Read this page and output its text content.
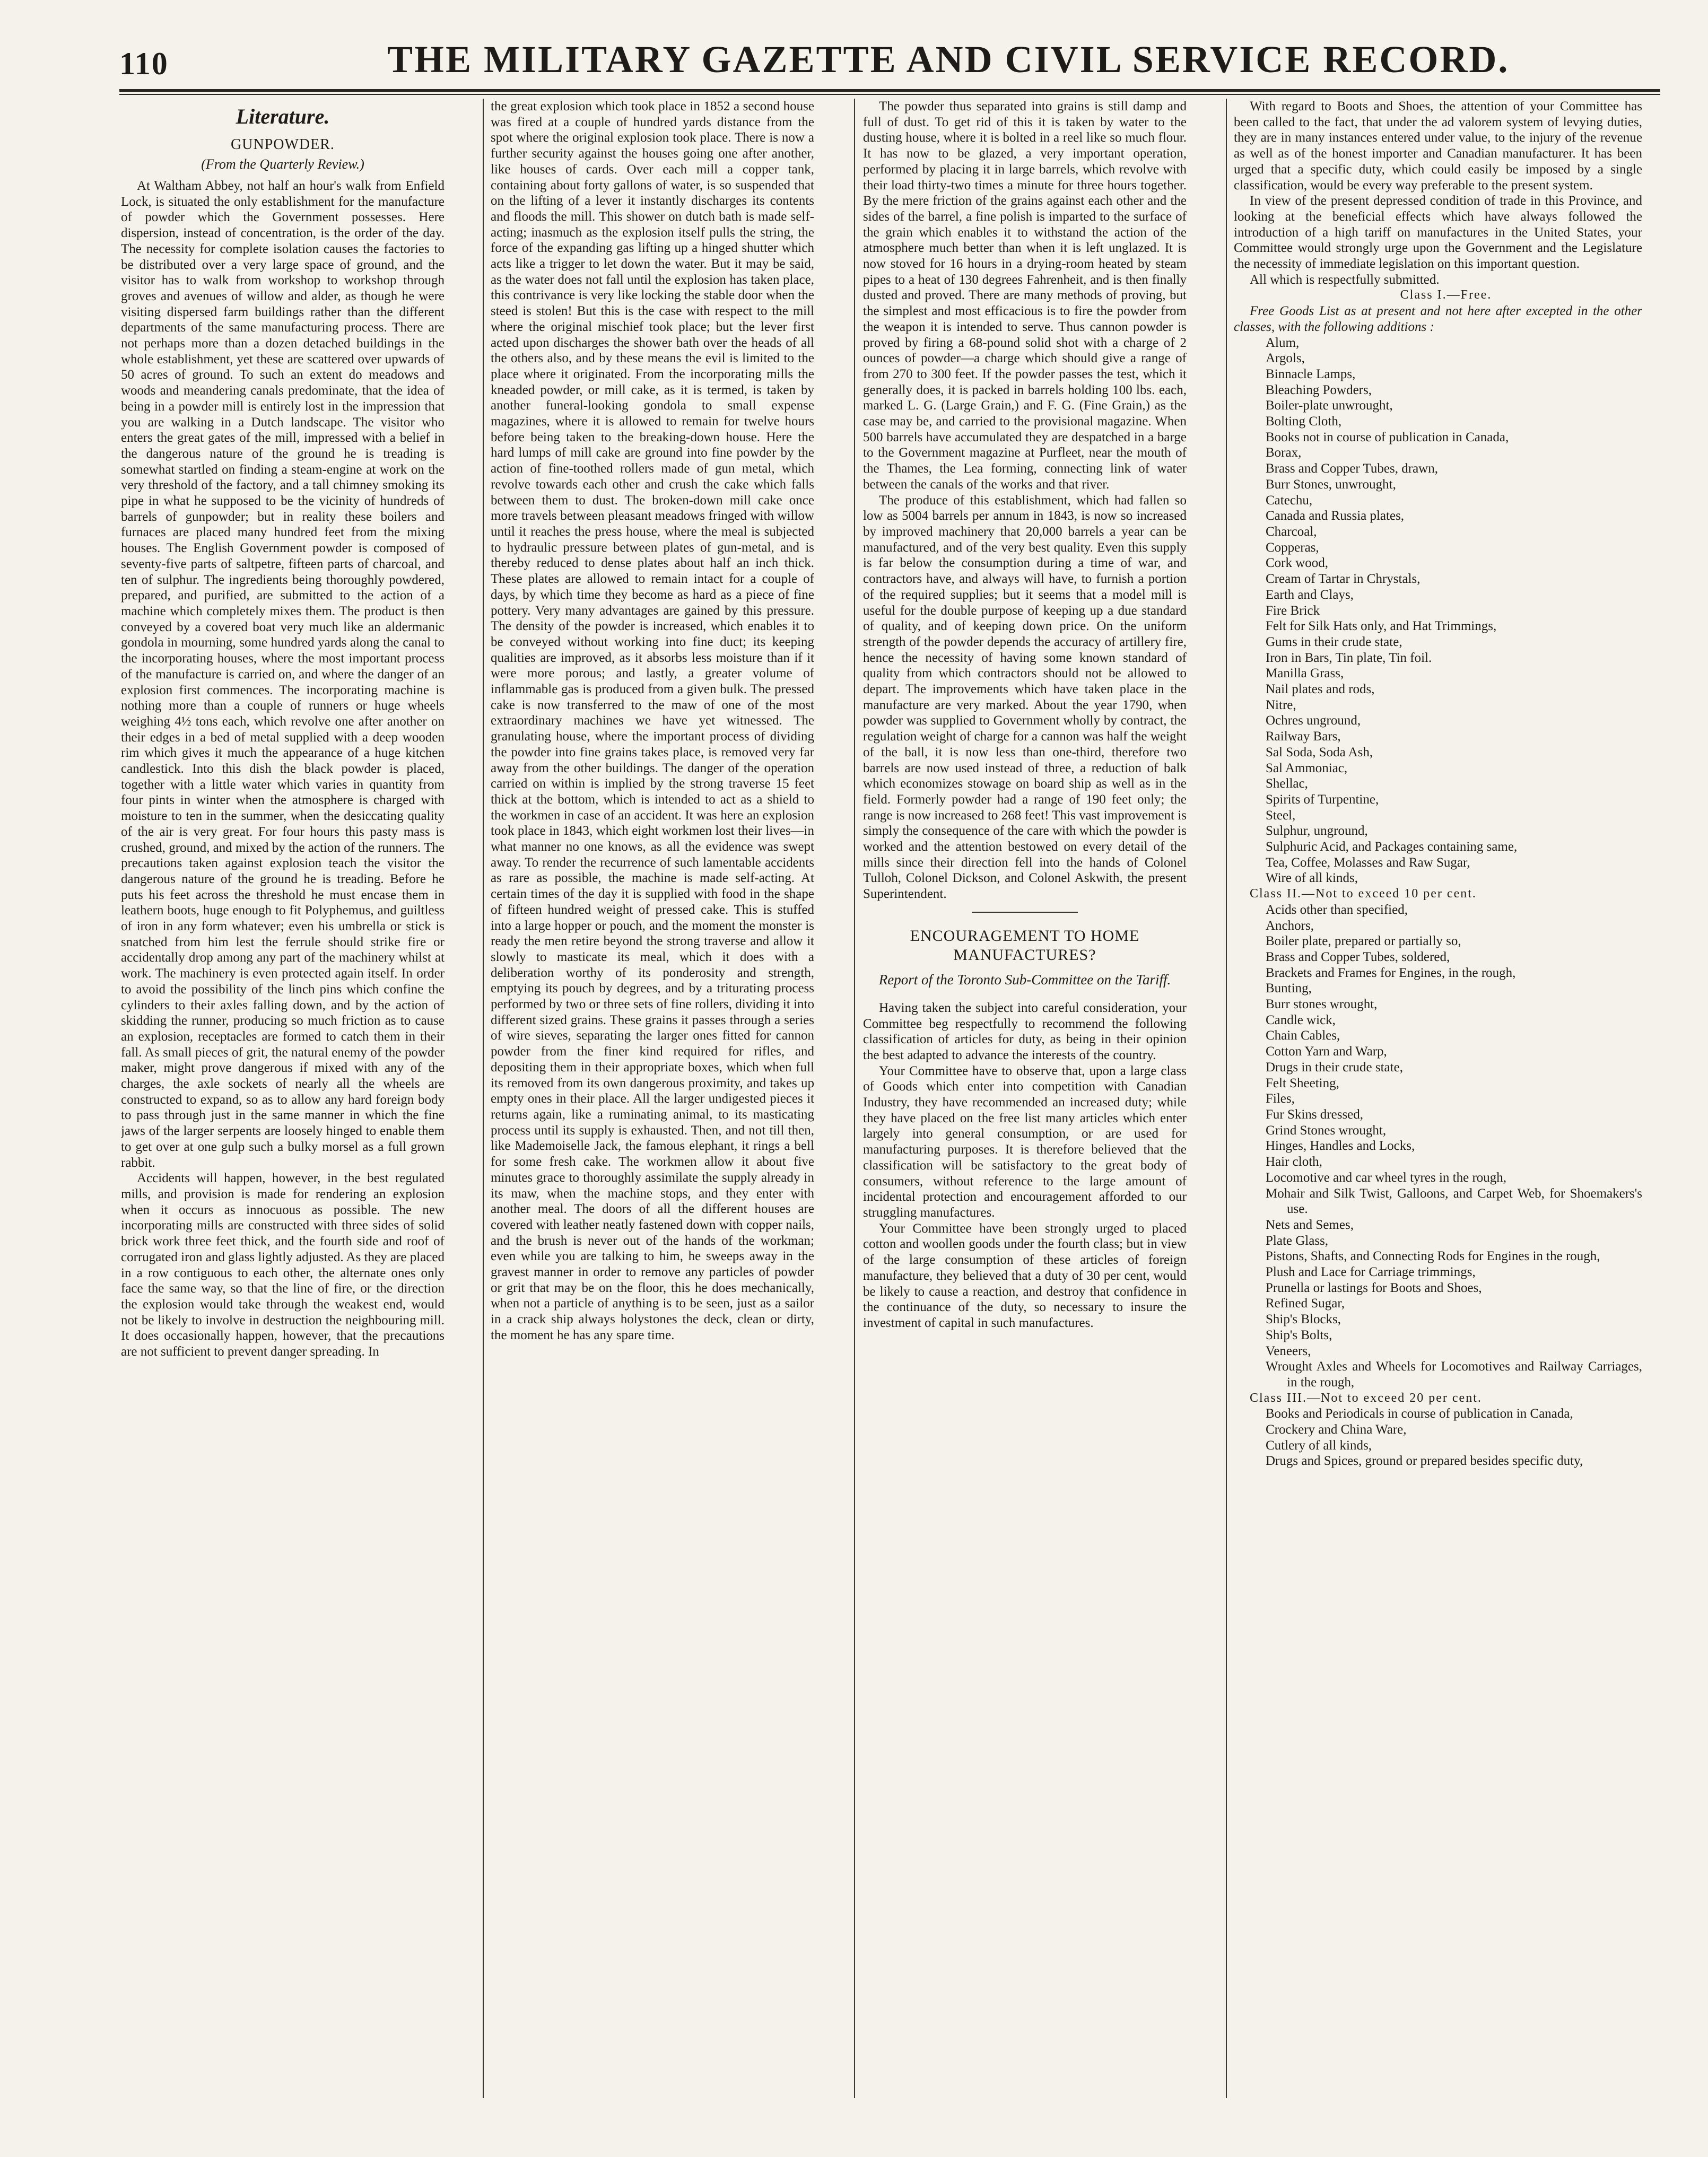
110	THE MILITARY GAZETTE AND CIVIL SERVICE RECORD.
Literature.
GUNPOWDER.
(From the Quarterly Review.)

At Waltham Abbey, not half an hour's walk from Enfield Lock, is situated the only establishment for the manufacture of powder which the Government possesses. Here dispersion, instead of concentration, is the order of the day. The necessity for complete isolation causes the factories to be distributed over a very large space of ground, and the visitor has to walk from workshop to workshop through groves and avenues of willow and alder, as though he were visiting dispersed farm buildings rather than the different departments of the same manufacturing process. There are not perhaps more than a dozen detached buildings in the whole establishment, yet these are scattered over upwards of 50 acres of ground. To such an extent do meadows and woods and meandering canals predominate, that the idea of being in a powder mill is entirely lost in the impression that you are walking in a Dutch landscape. The visitor who enters the great gates of the mill, impressed with a belief in the dangerous nature of the ground he is treading is somewhat startled on finding a steam-engine at work on the very threshold of the factory, and a tall chimney smoking its pipe in what he supposed to be the vicinity of hundreds of barrels of gunpowder; but in reality these boilers and furnaces are placed many hundred feet from the mixing houses. The English Government powder is composed of seventy-five parts of saltpetre, fifteen parts of charcoal, and ten of sulphur. The ingredients being thoroughly powdered, prepared, and purified, are submitted to the action of a machine which completely mixes them. The product is then conveyed by a covered boat very much like an aldermanic gondola in mourning, some hundred yards along the canal to the incorporating houses, where the most important process of the manufacture is carried on, and where the danger of an explosion first commences. The incorporating machine is nothing more than a couple of runners or huge wheels weighing 4½ tons each, which revolve one after another on their edges in a bed of metal supplied with a deep wooden rim which gives it much the appearance of a huge kitchen candlestick. Into this dish the black powder is placed, together with a little water which varies in quantity from four pints in winter when the atmosphere is charged with moisture to ten in the summer, when the desiccating quality of the air is very great. For four hours this pasty mass is crushed, ground, and mixed by the action of the runners. The precautions taken against explosion teach the visitor the dangerous nature of the ground he is treading. Before he puts his feet across the threshold he must encase them in leathern boots, huge enough to fit Polyphemus, and guiltless of iron in any form whatever; even his umbrella or stick is snatched from him lest the ferrule should strike fire or accidentally drop among any part of the machinery whilst at work. The machinery is even protected again itself. In order to avoid the possibility of the linch pins which confine the cylinders to their axles falling down, and by the action of skidding the runner, producing so much friction as to cause an explosion, receptacles are formed to catch them in their fall. As small pieces of grit, the natural enemy of the powder maker, might prove dangerous if mixed with any of the charges, the axle sockets of nearly all the wheels are constructed to expand, so as to allow any hard foreign body to pass through just in the same manner in which the fine jaws of the larger serpents are loosely hinged to enable them to get over at one gulp such a bulky morsel as a full grown rabbit.

Accidents will happen, however, in the best regulated mills, and provision is made for rendering an explosion when it occurs as innocuous as possible. The new incorporating mills are constructed with three sides of solid brick work three feet thick, and the fourth side and roof of corrugated iron and glass lightly adjusted. As they are placed in a row contiguous to each other, the alternate ones only face the same way, so that the line of fire, or the direction the explosion would take through the weakest end, would not be likely to involve in destruction the neighbouring mill. It does occasionally happen, however, that the precautions are not sufficient to prevent danger spreading. In

the great explosion which took place in 1852 a second house was fired at a couple of hundred yards distance from the spot where the original explosion took place. There is now a further security against the houses going one after another, like houses of cards. Over each mill a copper tank, containing about forty gallons of water, is so suspended that on the lifting of a lever it instantly discharges its contents and floods the mill. This shower on dutch bath is made self-acting; inasmuch as the explosion itself pulls the string, the force of the expanding gas lifting up a hinged shutter which acts like a trigger to let down the water. But it may be said, as the water does not fall until the explosion has taken place, this contrivance is very like locking the stable door when the steed is stolen! But this is the case with respect to the mill where the original mischief took place; but the lever first acted upon discharges the shower bath over the heads of all the others also, and by these means the evil is limited to the place where it originated. From the incorporating mills the kneaded powder, or mill cake, as it is termed, is taken by another funeral-looking gondola to small expense magazines, where it is allowed to remain for twelve hours before being taken to the breaking-down house. Here the hard lumps of mill cake are ground into fine powder by the action of fine-toothed rollers made of gun metal, which revolve towards each other and crush the cake which falls between them to dust. The broken-down mill cake once more travels between pleasant meadows fringed with willow until it reaches the press house, where the meal is subjected to hydraulic pressure between plates of gun-metal, and is thereby reduced to dense plates about half an inch thick. These plates are allowed to remain intact for a couple of days, by which time they become as hard as a piece of fine pottery. Very many advantages are gained by this pressure. The density of the powder is increased, which enables it to be conveyed without working into fine duct; its keeping qualities are improved, as it absorbs less moisture than if it were more porous; and lastly, a greater volume of inflammable gas is produced from a given bulk. The pressed cake is now transferred to the maw of one of the most extraordinary machines we have yet witnessed. The granulating house, where the important process of dividing the powder into fine grains takes place, is removed very far away from the other buildings. The danger of the operation carried on within is implied by the strong traverse 15 feet thick at the bottom, which is intended to act as a shield to the workmen in case of an accident. It was here an explosion took place in 1843, which eight workmen lost their lives—in what manner no one knows, as all the evidence was swept away. To render the recurrence of such lamentable accidents as rare as possible, the machine is made self-acting. At certain times of the day it is supplied with food in the shape of fifteen hundred weight of pressed cake. This is stuffed into a large hopper or pouch, and the moment the monster is ready the men retire beyond the strong traverse and allow it slowly to masticate its meal, which it does with a deliberation worthy of its ponderosity and strength, emptying its pouch by degrees, and by a triturating process performed by two or three sets of fine rollers, dividing it into different sized grains. These grains it passes through a series of wire sieves, separating the larger ones fitted for cannon powder from the finer kind required for rifles, and depositing them in their appropriate boxes, which when full its removed from its own dangerous proximity, and takes up empty ones in their place. All the larger undigested pieces it returns again, like a ruminating animal, to its masticating process until its supply is exhausted. Then, and not till then, like Mademoiselle Jack, the famous elephant, it rings a bell for some fresh cake. The workmen allow it about five minutes grace to thoroughly assimilate the supply already in its maw, when the machine stops, and they enter with another meal. The doors of all the different houses are covered with leather neatly fastened down with copper nails, and the brush is never out of the hands of the workman; even while you are talking to him, he sweeps away in the gravest manner in order to remove any particles of powder or grit that may be on the floor, this he does mechanically, when not a particle of anything is to be seen, just as a sailor in a crack ship always holystones the deck, clean or dirty, the moment he has any spare time.

The powder thus separated into grains is still damp and full of dust. To get rid of this it is taken by water to the dusting house, where it is bolted in a reel like so much flour. It has now to be glazed, a very important operation, performed by placing it in large barrels, which revolve with their load thirty-two times a minute for three hours together. By the mere friction of the grains against each other and the sides of the barrel, a fine polish is imparted to the surface of the grain which enables it to withstand the action of the atmosphere much better than when it is left unglazed. It is now stoved for 16 hours in a drying-room heated by steam pipes to a heat of 130 degrees Fahrenheit, and is then finally dusted and proved. There are many methods of proving, but the simplest and most efficacious is to fire the powder from the weapon it is intended to serve. Thus cannon powder is proved by firing a 68-pound solid shot with a charge of 2 ounces of powder—a charge which should give a range of from 270 to 300 feet. If the powder passes the test, which it generally does, it is packed in barrels holding 100 lbs. each, marked L. G. (Large Grain,) and F. G. (Fine Grain,) as the case may be, and carried to the provisional magazine. When 500 barrels have accumulated they are despatched in a barge to the Government magazine at Purfleet, near the mouth of the Thames, the Lea forming, connecting link of water between the canals of the works and that river.

The produce of this establishment, which had fallen so low as 5004 barrels per annum in 1843, is now so increased by improved machinery that 20,000 barrels a year can be manufactured, and of the very best quality. Even this supply is far below the consumption during a time of war, and contractors have, and always will have, to furnish a portion of the required supplies; but it seems that a model mill is useful for the double purpose of keeping up a due standard of quality, and of keeping down price. On the uniform strength of the powder depends the accuracy of artillery fire, hence the necessity of having some known standard of quality from which contractors should not be allowed to depart. The improvements which have taken place in the manufacture are very marked. About the year 1790, when powder was supplied to Government wholly by contract, the regulation weight of charge for a cannon was half the weight of the ball, it is now less than one-third, therefore two barrels are now used instead of three, a reduction of balk which economizes stowage on board ship as well as in the field. Formerly powder had a range of 190 feet only; the range is now increased to 268 feet! This vast improvement is simply the consequence of the care with which the powder is worked and the attention bestowed on every detail of the mills since their direction fell into the hands of Colonel Tulloh, Colonel Dickson, and Colonel Askwith, the present Superintendent.

ENCOURAGEMENT TO HOME MANUFACTURES?
Report of the Toronto Sub-Committee on the Tariff.

Having taken the subject into careful consideration, your Committee beg respectfully to recommend the following classification of articles for duty, as being in their opinion the best adapted to advance the interests of the country.

Your Committee have to observe that, upon a large class of Goods which enter into competition with Canadian Industry, they have recommended an increased duty; while they have placed on the free list many articles which enter largely into general consumption, or are used for manufacturing purposes. It is therefore believed that the classification will be satisfactory to the great body of consumers, without reference to the large amount of incidental protection and encouragement afforded to our struggling manufactures.

Your Committee have been strongly urged to placed cotton and woollen goods under the fourth class; but in view of the large consumption of these articles of foreign manufacture, they believed that a duty of 30 per cent, would be likely to cause a reaction, and destroy that confidence in the continuance of the duty, so necessary to insure the investment of capital in such manufactures.

With regard to Boots and Shoes, the attention of your Committee has been called to the fact, that under the ad valorem system of levying duties, they are in many instances entered under value, to the injury of the revenue as well as of the honest importer and Canadian manufacturer. It has been urged that a specific duty, which could easily be imposed by a single classification, would be every way preferable to the present system.

In view of the present depressed condition of trade in this Province, and looking at the beneficial effects which have always followed the introduction of a high tariff on manufactures in the United States, your Committee would strongly urge upon the Government and the Legislature the necessity of immediate legislation on this important question.

All which is respectfully submitted.

Class I.—Free.

Free Goods List as at present and not here after excepted in the other classes, with the following additions :

Alum,
Argols,
Binnacle Lamps,
Bleaching Powders,
Boiler-plate unwrought,
Bolting Cloth,
Books not in course of publication in Canada,
Borax,
Brass and Copper Tubes, drawn,
Burr Stones, unwrought,
Catechu,
Canada and Russia plates,
Charcoal,
Copperas,
Cork wood,
Cream of Tartar in Chrystals,
Earth and Clays,
Fire Brick
Felt for Silk Hats only, and Hat Trimmings,
Gums in their crude state,
Iron in Bars, Tin plate, Tin foil.
Manilla Grass,
Nail plates and rods,
Nitre,
Ochres unground,
Railway Bars,
Sal Soda, Soda Ash,
Sal Ammoniac,
Shellac,
Spirits of Turpentine,
Steel,
Sulphur, unground,
Sulphuric Acid, and Packages containing same,
Tea, Coffee, Molasses and Raw Sugar,
Wire of all kinds,

Class II.—Not to exceed 10 per cent.

Acids other than specified,
Anchors,
Boiler plate, prepared or partially so,
Brass and Copper Tubes, soldered,
Brackets and Frames for Engines, in the rough,
Bunting,
Burr stones wrought,
Candle wick,
Chain Cables,
Cotton Yarn and Warp,
Drugs in their crude state,
Felt Sheeting,
Files,
Fur Skins dressed,
Grind Stones wrought,
Hinges, Handles and Locks,
Hair cloth,
Locomotive and car wheel tyres in the rough,
Mohair and Silk Twist, Galloons, and Carpet Web, for Shoemakers's use.
Nets and Semes,
Plate Glass,
Pistons, Shafts, and Connecting Rods for Engines in the rough,
Plush and Lace for Carriage trimmings,
Prunella or lastings for Boots and Shoes,
Refined Sugar,
Ship's Blocks,
Ship's Bolts,
Veneers,
Wrought Axles and Wheels for Locomotives and Railway Carriages, in the rough,

Class III.—Not to exceed 20 per cent.

Books and Periodicals in course of publication in Canada,
Crockery and China Ware,
Cutlery of all kinds,
Drugs and Spices, ground or prepared besides specific duty,
